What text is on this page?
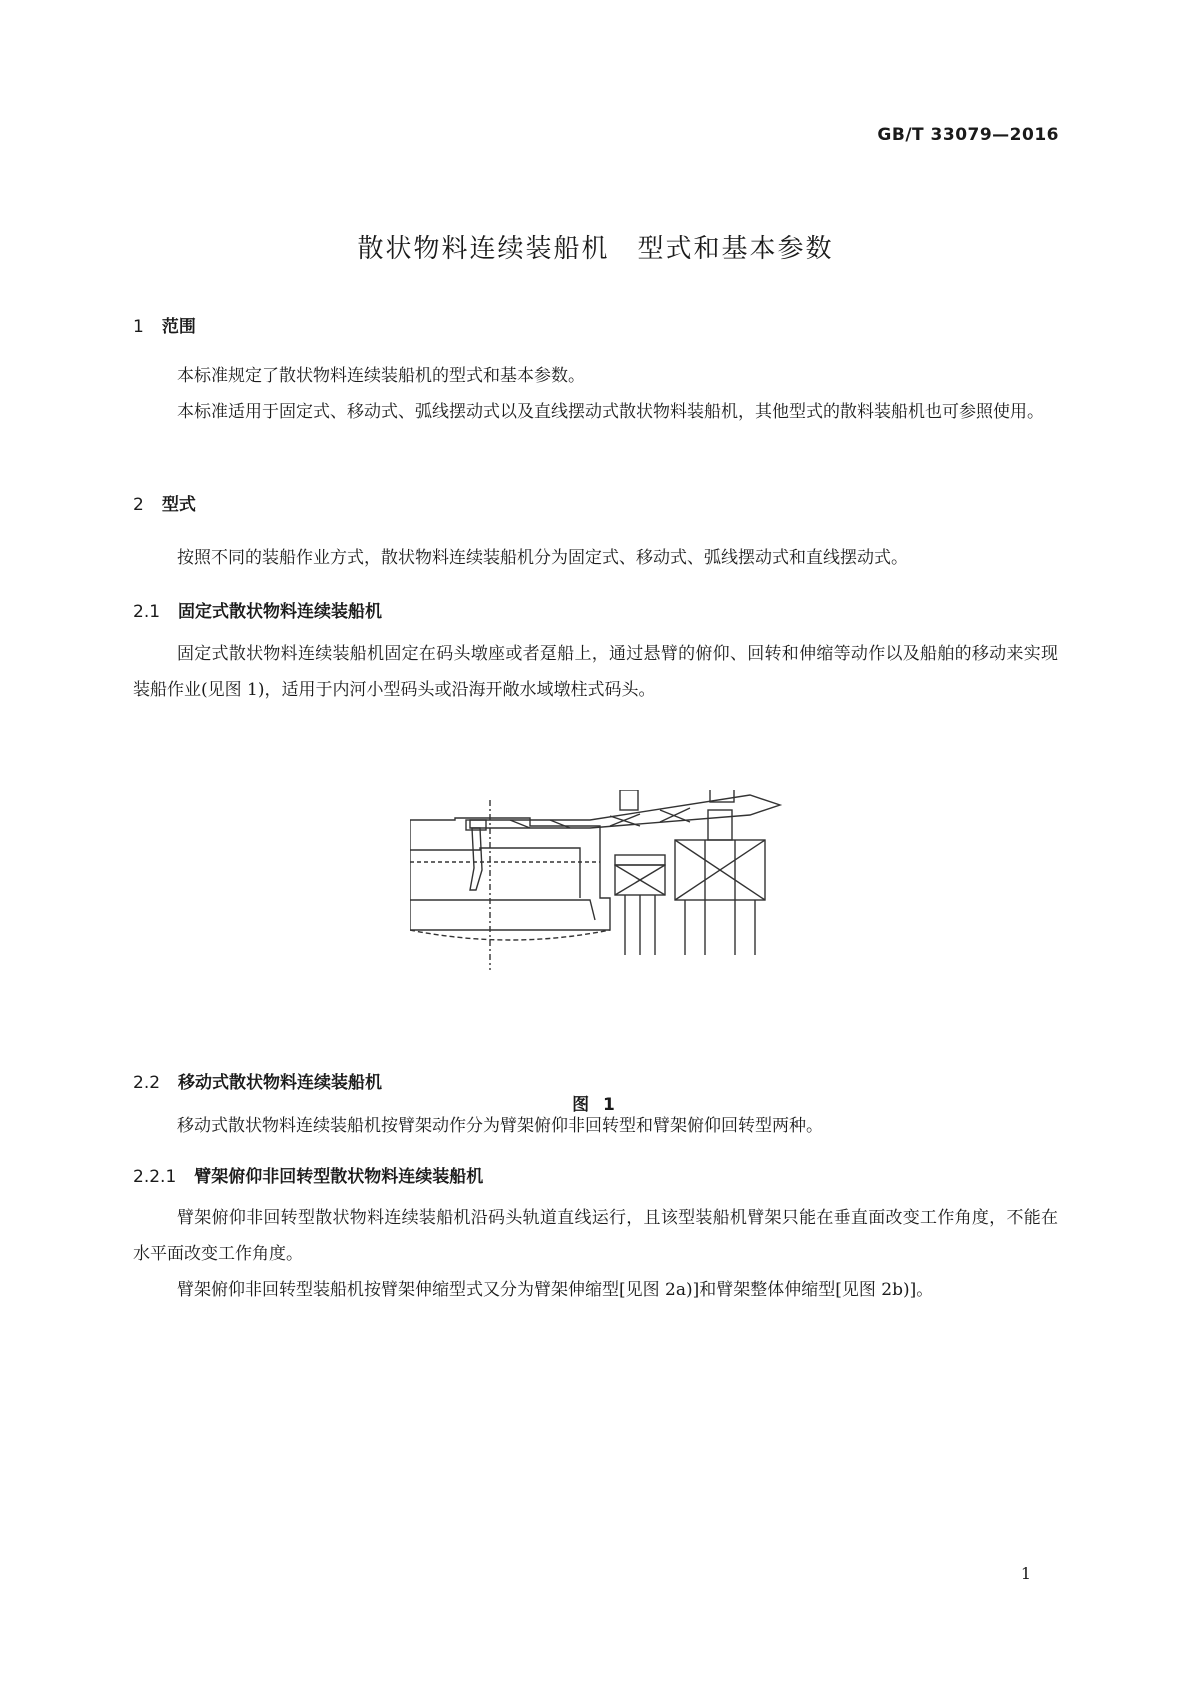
GB/T 33079—2016
散状物料连续装船机　型式和基本参数
1 范围
本标准规定了散状物料连续装船机的型式和基本参数。
本标准适用于固定式、移动式、弧线摆动式以及直线摆动式散状物料装船机，其他型式的散料装船机也可参照使用。
2 型式
按照不同的装船作业方式，散状物料连续装船机分为固定式、移动式、弧线摆动式和直线摆动式。
2.1 固定式散状物料连续装船机
固定式散状物料连续装船机固定在码头墩座或者趸船上，通过悬臂的俯仰、回转和伸缩等动作以及船舶的移动来实现装船作业(见图 1)，适用于内河小型码头或沿海开敞水域墩柱式码头。
图 1
2.2 移动式散状物料连续装船机
移动式散状物料连续装船机按臂架动作分为臂架俯仰非回转型和臂架俯仰回转型两种。
2.2.1 臂架俯仰非回转型散状物料连续装船机
臂架俯仰非回转型散状物料连续装船机沿码头轨道直线运行，且该型装船机臂架只能在垂直面改变工作角度，不能在水平面改变工作角度。
臂架俯仰非回转型装船机按臂架伸缩型式又分为臂架伸缩型[见图 2a)]和臂架整体伸缩型[见图 2b)]。
1
